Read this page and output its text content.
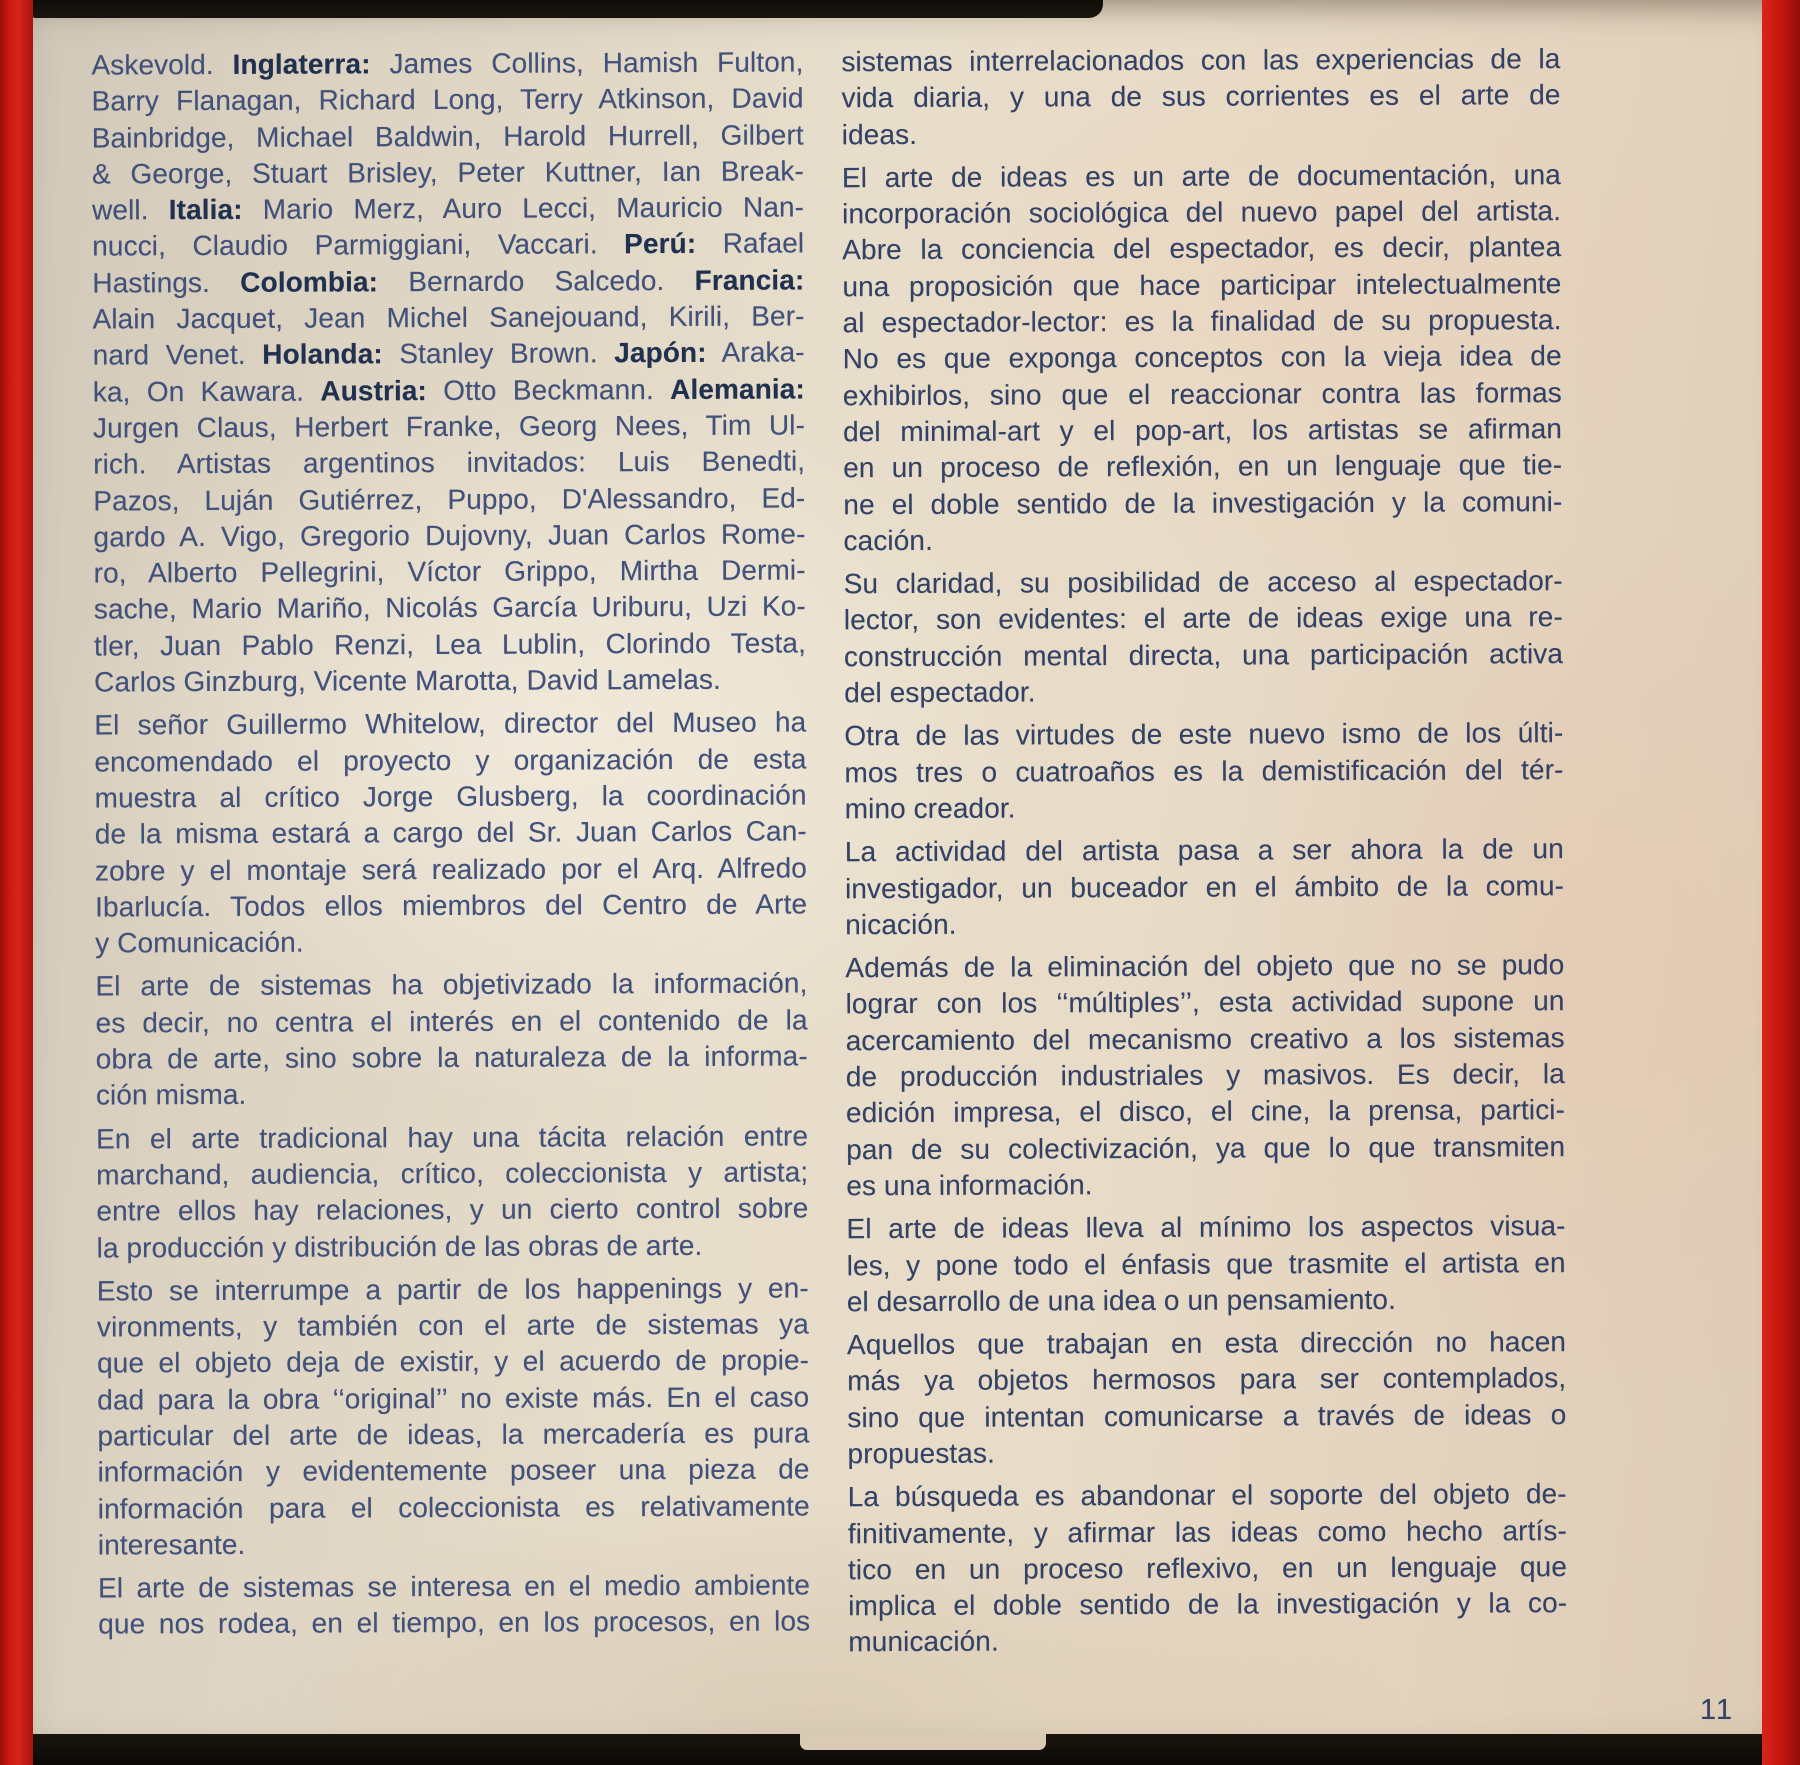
Askevold. Inglaterra: James Collins, Hamish Fulton,
Barry Flanagan, Richard Long, Terry Atkinson, David
Bainbridge, Michael Baldwin, Harold Hurrell, Gilbert
& George, Stuart Brisley, Peter Kuttner, Ian Break-
well. Italia: Mario Merz, Auro Lecci, Mauricio Nan-
nucci, Claudio Parmiggiani, Vaccari. Perú: Rafael
Hastings. Colombia: Bernardo Salcedo. Francia:
Alain Jacquet, Jean Michel Sanejouand, Kirili, Ber-
nard Venet. Holanda: Stanley Brown. Japón: Araka-
ka, On Kawara. Austria: Otto Beckmann. Alemania:
Jurgen Claus, Herbert Franke, Georg Nees, Tim Ul-
rich. Artistas argentinos invitados: Luis Benedti,
Pazos, Luján Gutiérrez, Puppo, D'Alessandro, Ed-
gardo A. Vigo, Gregorio Dujovny, Juan Carlos Rome-
ro, Alberto Pellegrini, Víctor Grippo, Mirtha Dermi-
sache, Mario Mariño, Nicolás García Uriburu, Uzi Ko-
tler, Juan Pablo Renzi, Lea Lublin, Clorindo Testa,
Carlos Ginzburg, Vicente Marotta, David Lamelas.
El señor Guillermo Whitelow, director del Museo ha
encomendado el proyecto y organización de esta
muestra al crítico Jorge Glusberg, la coordinación
de la misma estará a cargo del Sr. Juan Carlos Can-
zobre y el montaje será realizado por el Arq. Alfredo
Ibarlucía. Todos ellos miembros del Centro de Arte
y Comunicación.
El arte de sistemas ha objetivizado la información,
es decir, no centra el interés en el contenido de la
obra de arte, sino sobre la naturaleza de la informa-
ción misma.
En el arte tradicional hay una tácita relación entre
marchand, audiencia, crítico, coleccionista y artista;
entre ellos hay relaciones, y un cierto control sobre
la producción y distribución de las obras de arte.
Esto se interrumpe a partir de los happenings y en-
vironments, y también con el arte de sistemas ya
que el objeto deja de existir, y el acuerdo de propie-
dad para la obra ‘‘original’’ no existe más. En el caso
particular del arte de ideas, la mercadería es pura
información y evidentemente poseer una pieza de
información para el coleccionista es relativamente
interesante.
El arte de sistemas se interesa en el medio ambiente
que nos rodea, en el tiempo, en los procesos, en los
sistemas interrelacionados con las experiencias de la
vida diaria, y una de sus corrientes es el arte de
ideas.
El arte de ideas es un arte de documentación, una
incorporación sociológica del nuevo papel del artista.
Abre la conciencia del espectador, es decir, plantea
una proposición que hace participar intelectualmente
al espectador-lector: es la finalidad de su propuesta.
No es que exponga conceptos con la vieja idea de
exhibirlos, sino que el reaccionar contra las formas
del minimal-art y el pop-art, los artistas se afirman
en un proceso de reflexión, en un lenguaje que tie-
ne el doble sentido de la investigación y la comuni-
cación.
Su claridad, su posibilidad de acceso al espectador-
lector, son evidentes: el arte de ideas exige una re-
construcción mental directa, una participación activa
del espectador.
Otra de las virtudes de este nuevo ismo de los últi-
mos tres o cuatroaños es la demistificación del tér-
mino creador.
La actividad del artista pasa a ser ahora la de un
investigador, un buceador en el ámbito de la comu-
nicación.
Además de la eliminación del objeto que no se pudo
lograr con los ‘‘múltiples’’, esta actividad supone un
acercamiento del mecanismo creativo a los sistemas
de producción industriales y masivos. Es decir, la
edición impresa, el disco, el cine, la prensa, partici-
pan de su colectivización, ya que lo que transmiten
es una información.
El arte de ideas lleva al mínimo los aspectos visua-
les, y pone todo el énfasis que trasmite el artista en
el desarrollo de una idea o un pensamiento.
Aquellos que trabajan en esta dirección no hacen
más ya objetos hermosos para ser contemplados,
sino que intentan comunicarse a través de ideas o
propuestas.
La búsqueda es abandonar el soporte del objeto de-
finitivamente, y afirmar las ideas como hecho artís-
tico en un proceso reflexivo, en un lenguaje que
implica el doble sentido de la investigación y la co-
municación.
11
